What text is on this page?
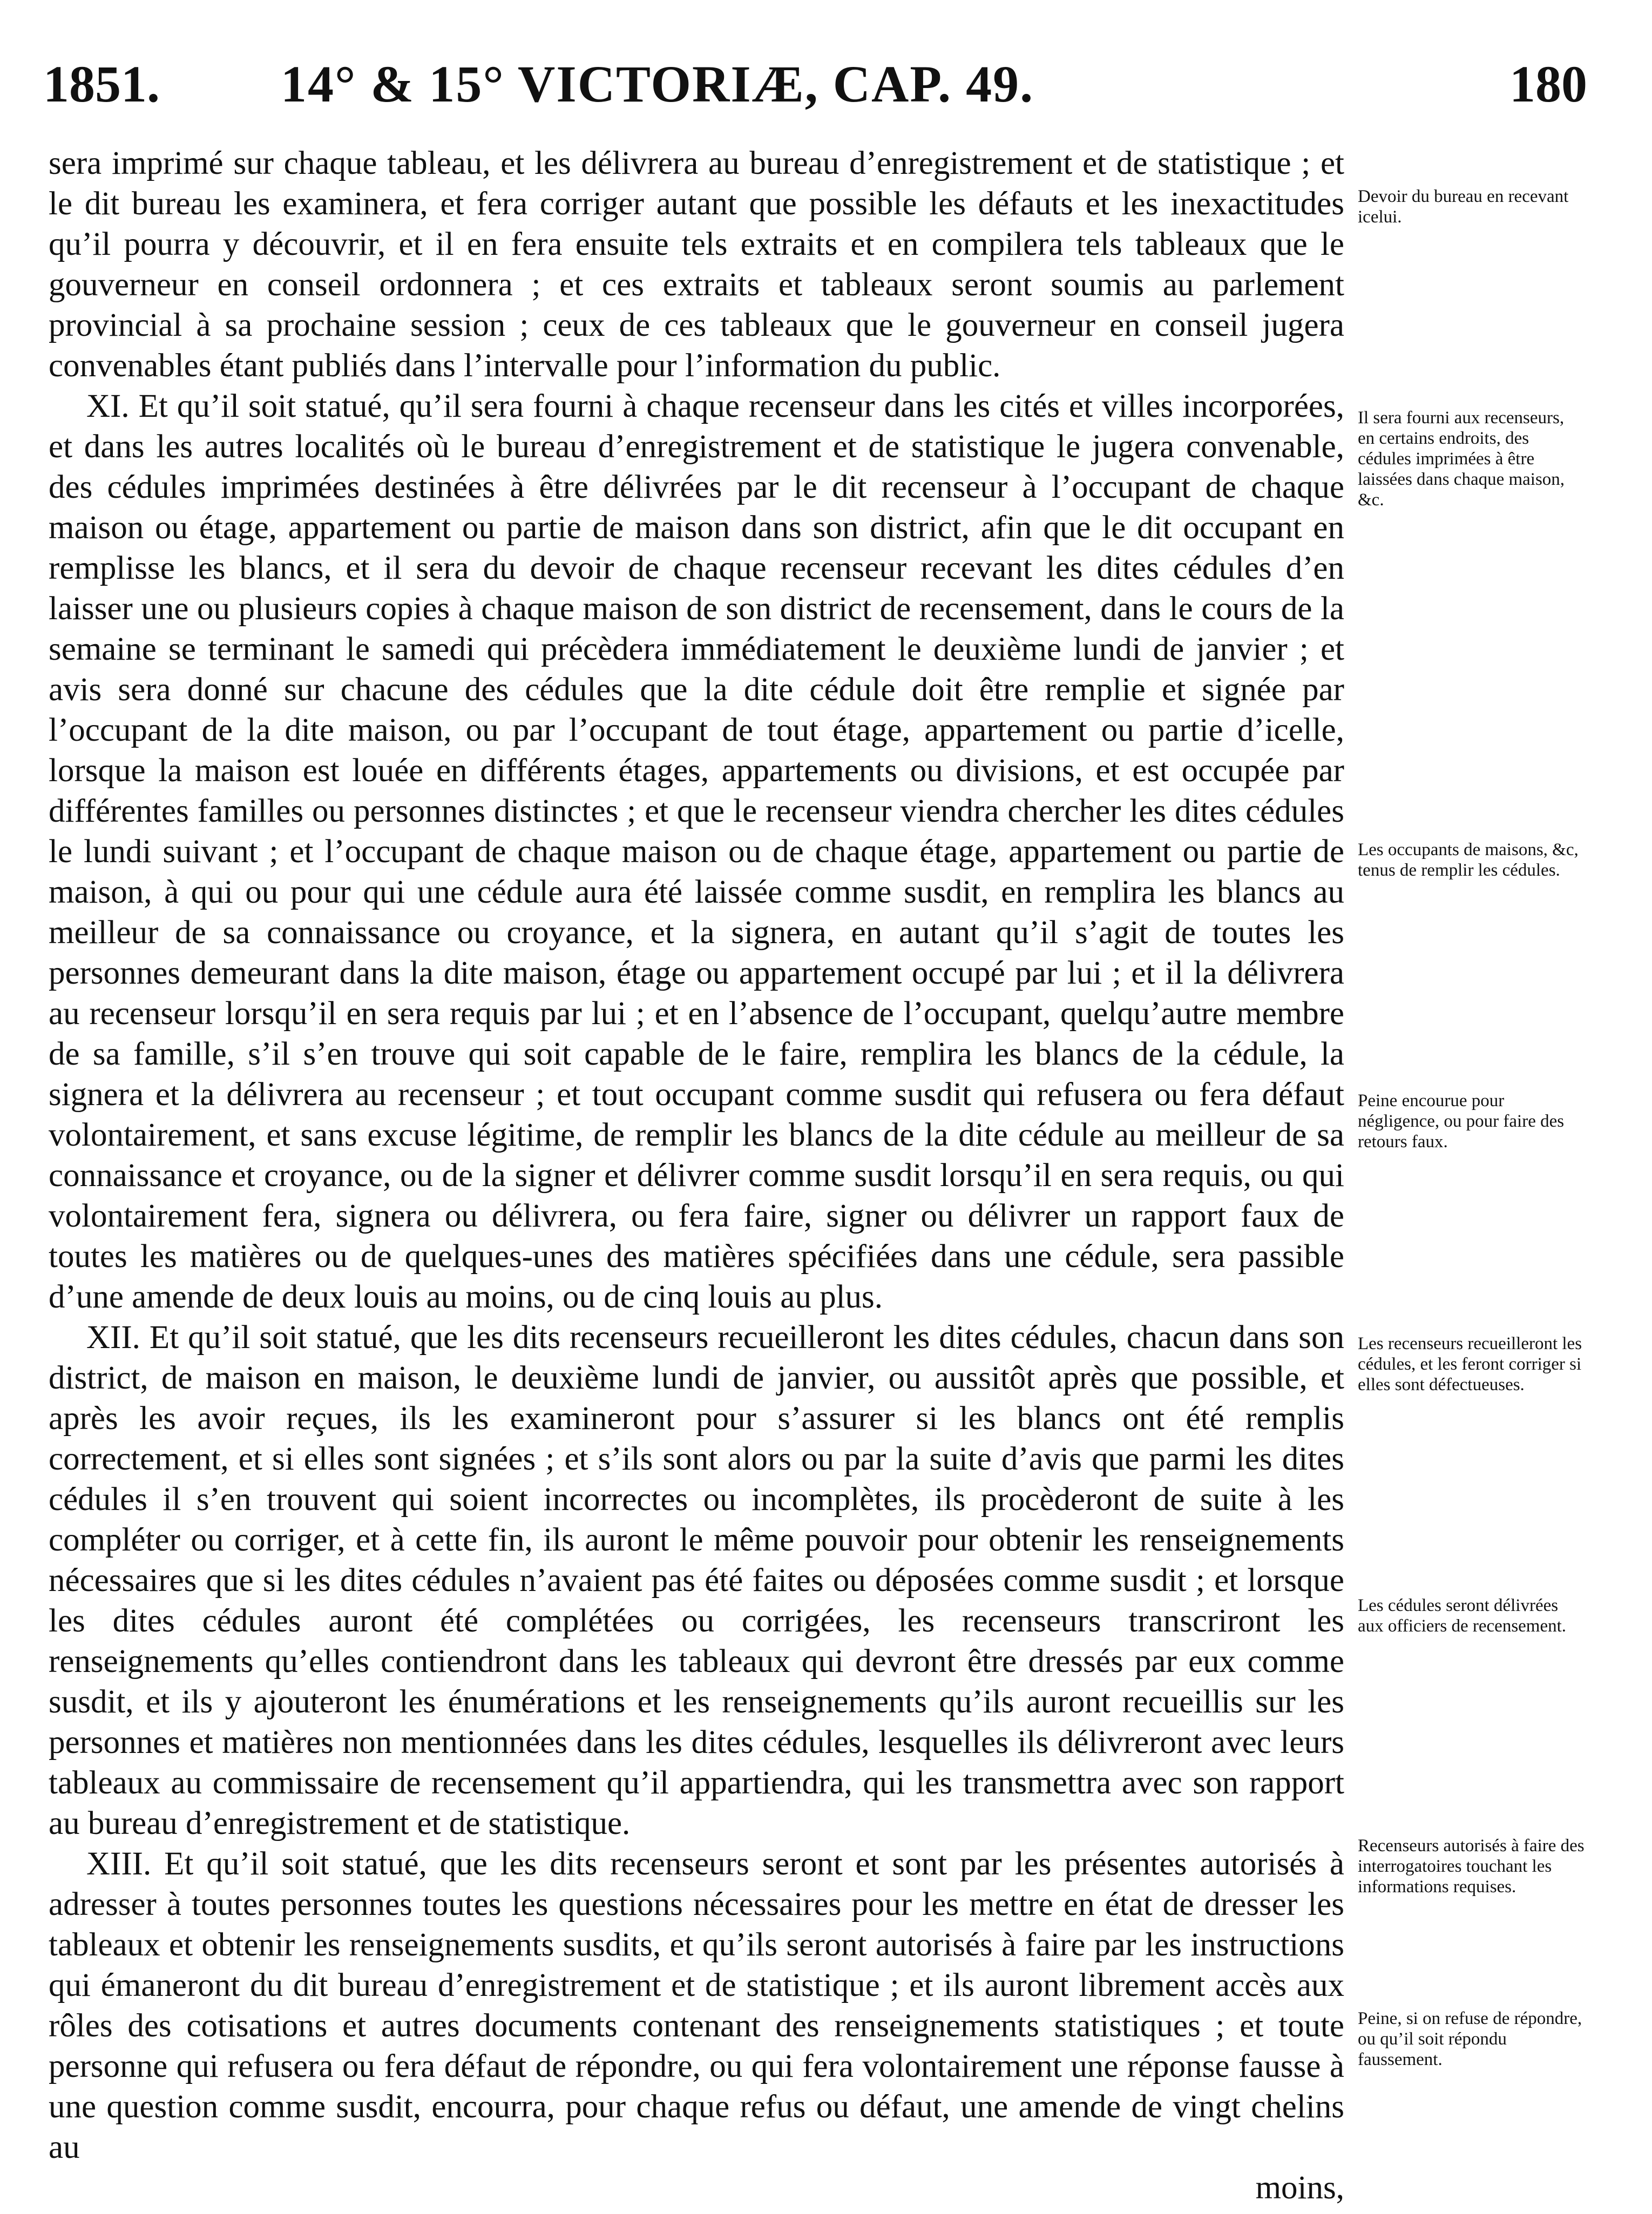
1851. 14° & 15° VICTORIÆ, CAP. 49.	180

sera imprimé sur chaque tableau, et les délivrera au bureau d’enregistrement et de statistique ; et le dit bureau les examinera, et fera corriger autant que possible les défauts et les inexactitudes qu’il pourra y découvrir, et il en fera ensuite tels extraits et en compilera tels tableaux que le gouverneur en conseil ordonnera ; et ces extraits et tableaux seront soumis au parlement provincial à sa prochaine session ; ceux de ces tableaux que le gouverneur en conseil jugera convenables étant publiés dans l’intervalle pour l’information du public.

XI. Et qu’il soit statué, qu’il sera fourni à chaque recenseur dans les cités et villes incorporées, et dans les autres localités où le bureau d’enregistrement et de statistique le jugera convenable, des cédules imprimées destinées à être délivrées par le dit recenseur à l’occupant de chaque maison ou étage, appartement ou partie de maison dans son district, afin que le dit occupant en remplisse les blancs, et il sera du devoir de chaque recenseur recevant les dites cédules d’en laisser une ou plusieurs copies à chaque maison de son district de recensement, dans le cours de la semaine se terminant le samedi qui précèdera immédiatement le deuxième lundi de janvier ; et avis sera donné sur chacune des cédules que la dite cédule doit être remplie et signée par l’occupant de la dite maison, ou par l’occupant de tout étage, appartement ou partie d’icelle, lorsque la maison est louée en différents étages, appartements ou divisions, et est occupée par différentes familles ou personnes distinctes ; et que le recenseur viendra chercher les dites cédules le lundi suivant ; et l’occupant de chaque maison ou de chaque étage, appartement ou partie de maison, à qui ou pour qui une cédule aura été laissée comme susdit, en remplira les blancs au meilleur de sa connaissance ou croyance, et la signera, en autant qu’il s’agit de toutes les personnes demeurant dans la dite maison, étage ou appartement occupé par lui ; et il la délivrera au recenseur lorsqu’il en sera requis par lui ; et en l’absence de l’occupant, quelqu’autre membre de sa famille, s’il s’en trouve qui soit capable de le faire, remplira les blancs de la cédule, la signera et la délivrera au recenseur ; et tout occupant comme susdit qui refusera ou fera défaut volontairement, et sans excuse légitime, de remplir les blancs de la dite cédule au meilleur de sa connaissance et croyance, ou de la signer et délivrer comme susdit lorsqu’il en sera requis, ou qui volontairement fera, signera ou délivrera, ou fera faire, signer ou délivrer un rapport faux de toutes les matières ou de quelques-unes des matières spécifiées dans une cédule, sera passible d’une amende de deux louis au moins, ou de cinq louis au plus.

XII. Et qu’il soit statué, que les dits recenseurs recueilleront les dites cédules, chacun dans son district, de maison en maison, le deuxième lundi de janvier, ou aussitôt après que possible, et après les avoir reçues, ils les examineront pour s’assurer si les blancs ont été remplis correctement, et si elles sont signées ; et s’ils sont alors ou par la suite d’avis que parmi les dites cédules il s’en trouvent qui soient incorrectes ou incomplètes, ils procèderont de suite à les compléter ou corriger, et à cette fin, ils auront le même pouvoir pour obtenir les renseignements nécessaires que si les dites cédules n’avaient pas été faites ou déposées comme susdit ; et lorsque les dites cédules auront été complétées ou corrigées, les recenseurs transcriront les renseignements qu’elles contiendront dans les tableaux qui devront être dressés par eux comme susdit, et ils y ajouteront les énumérations et les renseignements qu’ils auront recueillis sur les personnes et matières non mentionnées dans les dites cédules, lesquelles ils délivreront avec leurs tableaux au commissaire de recensement qu’il appartiendra, qui les transmettra avec son rapport au bureau d’enregistrement et de statistique.

XIII. Et qu’il soit statué, que les dits recenseurs seront et sont par les présentes autorisés à adresser à toutes personnes toutes les questions nécessaires pour les mettre en état de dresser les tableaux et obtenir les renseignements susdits, et qu’ils seront autorisés à faire par les instructions qui émaneront du dit bureau d’enregistrement et de statistique ; et ils auront librement accès aux rôles des cotisations et autres documents contenant des renseignements statistiques ; et toute personne qui refusera ou fera défaut de répondre, ou qui fera volontairement une réponse fausse à une question comme susdit, encourra, pour chaque refus ou défaut, une amende de vingt chelins au

moins,
Devoir du bureau en recevant icelui.
Il sera fourni aux recenseurs, en certains endroits, des cédules imprimées à être laissées dans chaque maison, &c.
Les occupants de maisons, &c, tenus de remplir les cédules.
Peine encourue pour négligence, ou pour faire des retours faux.
Les recenseurs recueilleront les cédules, et les feront corriger si elles sont défectueuses.
Les cédules seront délivrées aux officiers de recensement.
Recenseurs autorisés à faire des interrogatoires touchant les informations requises.
Peine, si on refuse de répondre, ou qu’il soit répondu faussement.
